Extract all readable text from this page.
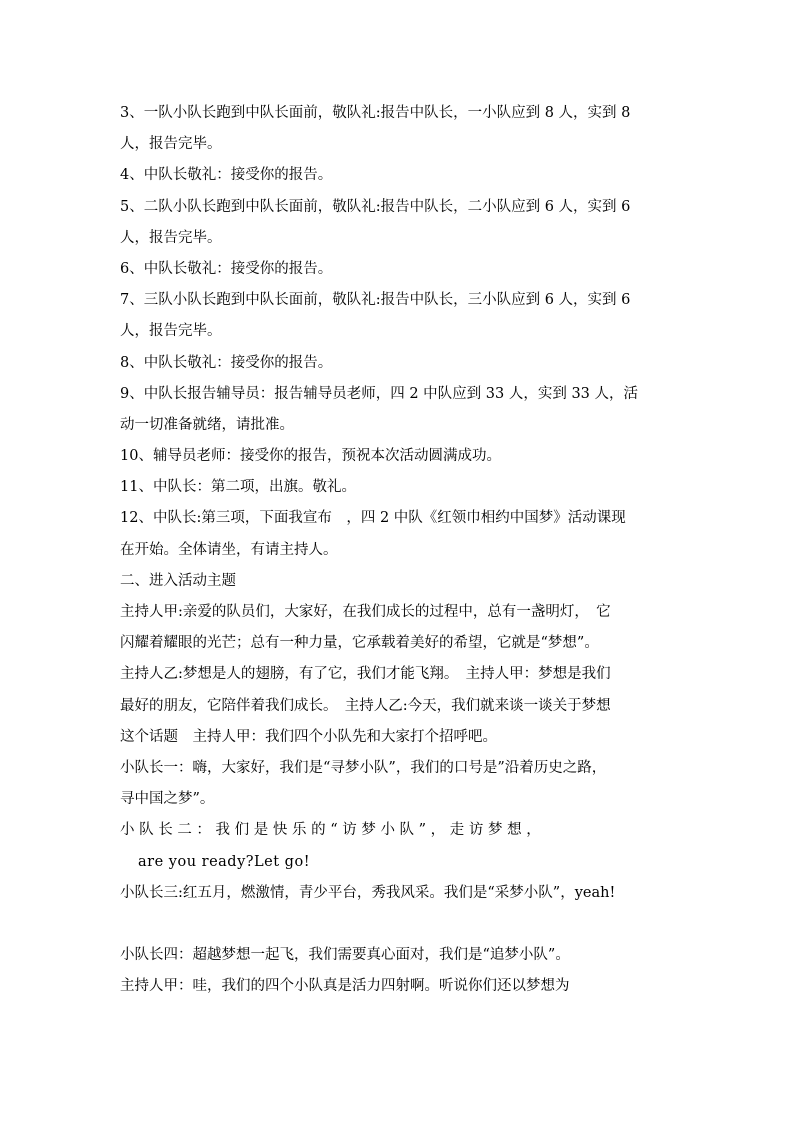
3、一队小队长跑到中队长面前，敬队礼:报告中队长，一小队应到 8 人，实到 8

人，报告完毕。

4、中队长敬礼：接受你的报告。

5、二队小队长跑到中队长面前，敬队礼:报告中队长，二小队应到 6 人，实到 6

人，报告完毕。

6、中队长敬礼：接受你的报告。

7、三队小队长跑到中队长面前，敬队礼:报告中队长，三小队应到 6 人，实到 6

人，报告完毕。

8、中队长敬礼：接受你的报告。

9、中队长报告辅导员：报告辅导员老师，四 2 中队应到 33 人，实到 33 人，活

动一切准备就绪，请批准。

10、辅导员老师：接受你的报告，预祝本次活动圆满成功。

11、中队长：第二项，出旗。敬礼。

12、中队长:第三项，下面我宣布　，四 2 中队《红领巾相约中国梦》活动课现

在开始。全体请坐，有请主持人。

二、进入活动主题

主持人甲:亲爱的队员们，大家好，在我们成长的过程中，总有一盏明灯，　它

闪耀着耀眼的光芒；总有一种力量，它承载着美好的希望，它就是“梦想”。

主持人乙:梦想是人的翅膀，有了它，我们才能飞翔。　主持人甲：梦想是我们

最好的朋友，它陪伴着我们成长。　主持人乙:今天，我们就来谈一谈关于梦想

这个话题　主持人甲：我们四个小队先和大家打个招呼吧。

小队长一：嗨，大家好，我们是“寻梦小队”，我们的口号是”沿着历史之路，

寻中国之梦”。

小 队 长 二 ： 我 们 是 快 乐 的 “ 访 梦 小 队 ” ， 走 访 梦 想 ，

are you ready?Let go!

小队长三:红五月，燃激情，青少平台，秀我风采。我们是“采梦小队”，yeah!

小队长四：超越梦想一起飞，我们需要真心面对，我们是“追梦小队”。

主持人甲：哇，我们的四个小队真是活力四射啊。听说你们还以梦想为
